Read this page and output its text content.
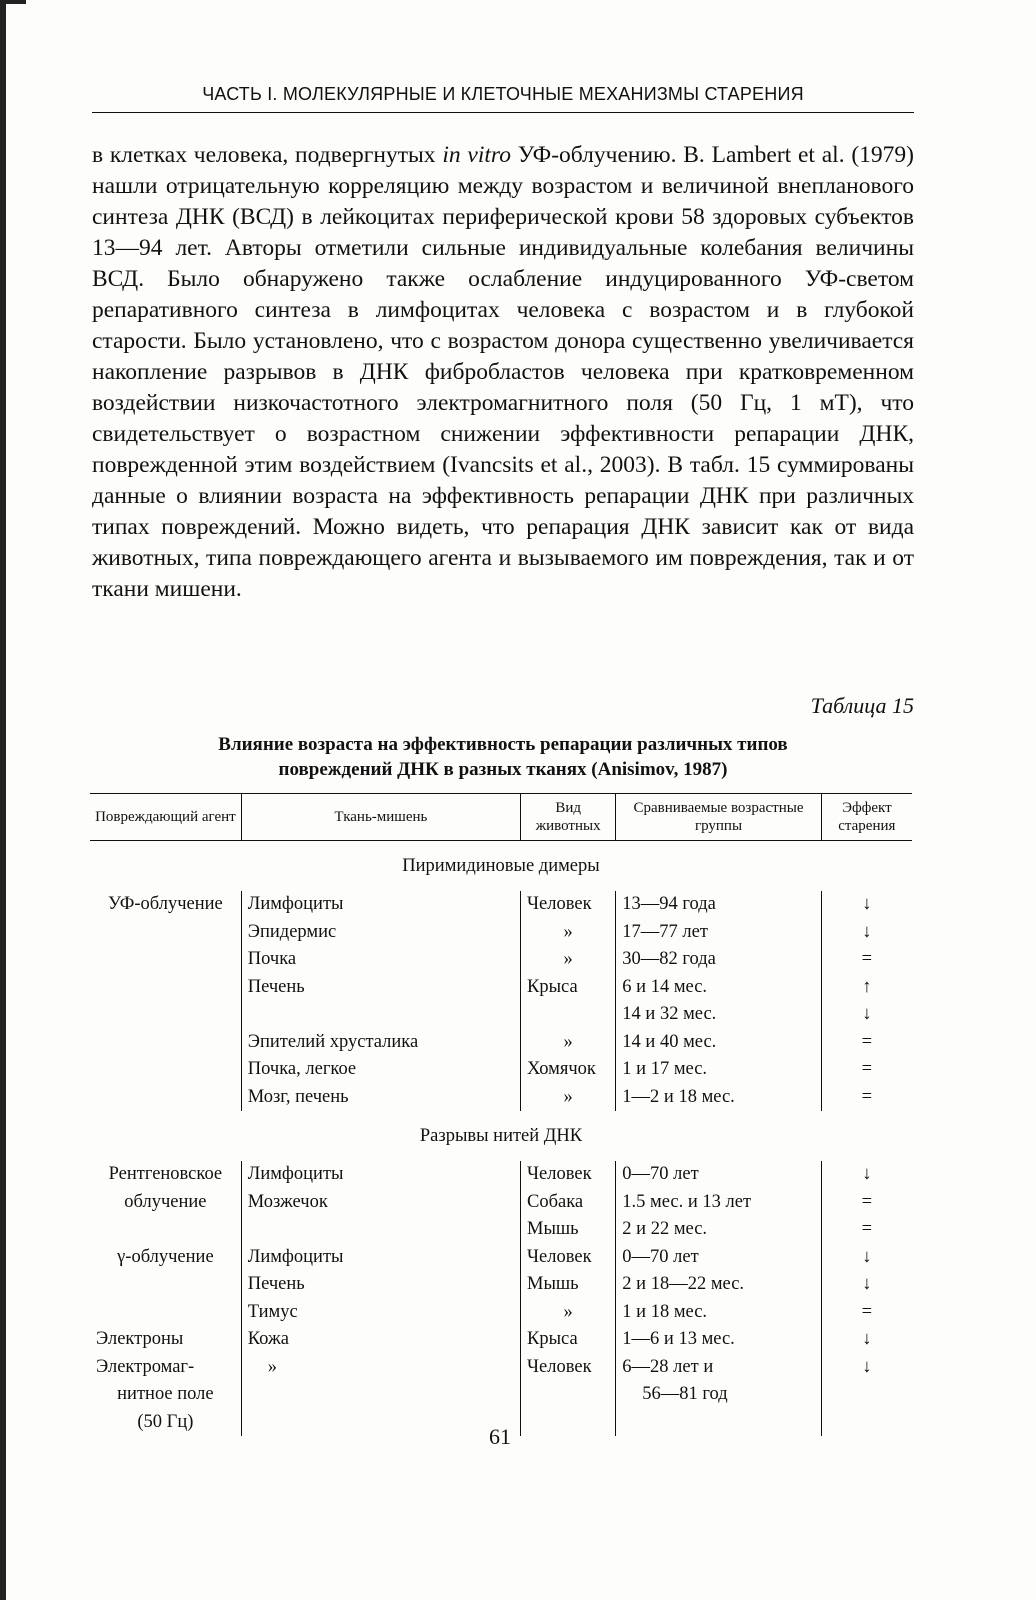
ЧАСТЬ I. МОЛЕКУЛЯРНЫЕ И КЛЕТОЧНЫЕ МЕХАНИЗМЫ СТАРЕНИЯ

в клетках человека, подвергнутых in vitro УФ-облучению. B. Lambert et al. (1979) нашли отрицательную корреляцию между возрастом и величиной внепланового синтеза ДНК (ВСД) в лейкоцитах периферической крови 58 здоровых субъектов 13—94 лет. Авторы отметили сильные индивидуальные колебания величины ВСД. Было обнаружено также ослабление индуцированного УФ-светом репаративного синтеза в лимфоцитах человека с возрастом и в глубокой старости. Было установлено, что с возрастом донора существенно увеличивается накопление разрывов в ДНК фибробластов человека при кратковременном воздействии низкочастотного электромагнитного поля (50 Гц, 1 мТ), что свидетельствует о возрастном снижении эффективности репарации ДНК, поврежденной этим воздействием (Ivancsits et al., 2003). В табл. 15 суммированы данные о влиянии возраста на эффективность репарации ДНК при различных типах повреждений. Можно видеть, что репарация ДНК зависит как от вида животных, типа повреждающего агента и вызываемого им повреждения, так и от ткани мишени.

Таблица 15
Влияние возраста на эффективность репарации различных типов
повреждений ДНК в разных тканях (Anisimov, 1987)
Повреждающий агент	Ткань-мишень	Вид животных	Сравниваемые возрастные группы	Эффект старения
Пиримидиновые димеры				
УФ-облучение	Лимфоциты	Человек	13—94 года	↓
	Эпидермис	»	17—77 лет	↓
	Почка	»	30—82 года	=
	Печень	Крыса	6 и 14 мес.	↑
			14 и 32 мес.	↓
	Эпителий хрусталика	»	14 и 40 мес.	=
	Почка, легкое	Хомячок	1 и 17 мес.	=
	Мозг, печень	»	1—2 и 18 мес.	=
Разрывы нитей ДНК				
Рентгеновское	Лимфоциты	Человек	0—70 лет	↓
облучение	Мозжечок	Собака	1.5 мес. и 13 лет	=
		Мышь	2 и 22 мес.	=
γ-облучение	Лимфоциты	Человек	0—70 лет	↓
	Печень	Мышь	2 и 18—22 мес.	↓
	Тимус	»	1 и 18 мес.	=
Электроны	Кожа	Крыса	1—6 и 13 мес.	↓
Электромаг-	»	Человек	6—28 лет и	↓
нитное поле			56—81 год	
(50 Гц)				
61
